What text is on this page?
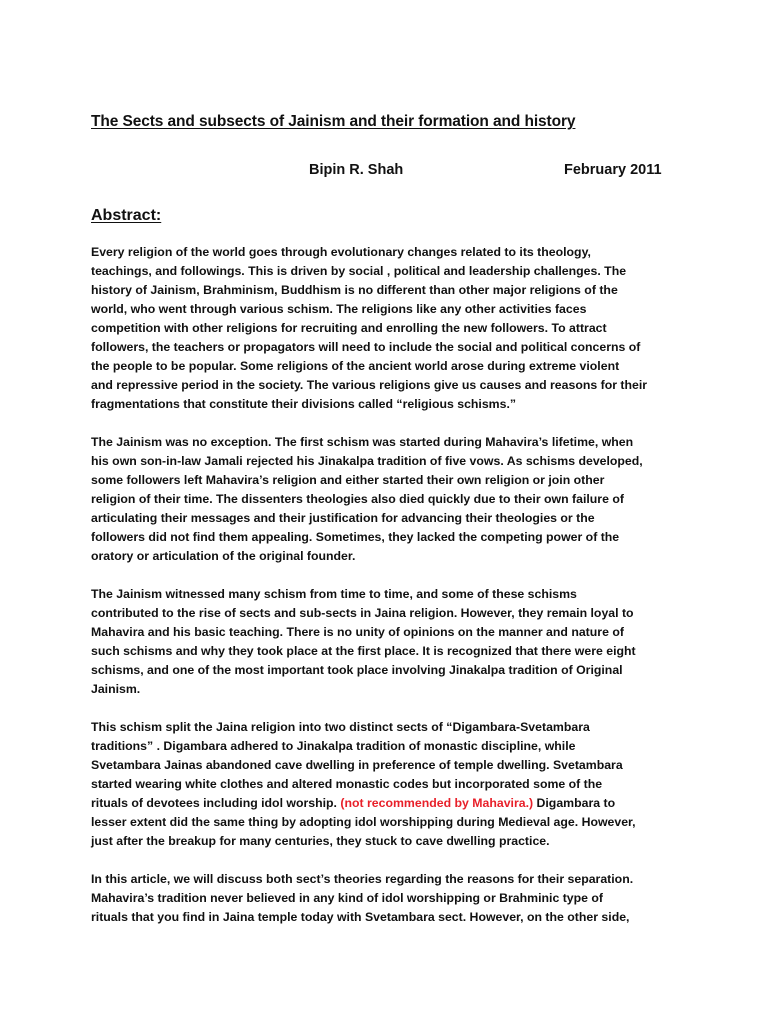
The Sects and subsects of Jainism and their formation and history
Bipin R. Shah	February 2011
Abstract:

Every religion of the world goes through evolutionary changes related to its theology,
teachings, and followings. This is driven by social , political and leadership challenges. The
history of Jainism, Brahminism, Buddhism is no different than other major religions of the
world, who went through various schism. The religions like any other activities faces
competition with other religions for recruiting and enrolling the new followers. To attract
followers, the teachers or propagators will need to include the social and political concerns of
the people to be popular. Some religions of the ancient world arose during extreme violent
and repressive period in the society. The various religions give us causes and reasons for their
fragmentations that constitute their divisions called “religious schisms.”

The Jainism was no exception. The first schism was started during Mahavira’s lifetime, when
his own son-in-law Jamali rejected his Jinakalpa tradition of five vows. As schisms developed,
some followers left Mahavira’s religion and either started their own religion or join other
religion of their time. The dissenters theologies also died quickly due to their own failure of
articulating their messages and their justification for advancing their theologies or the
followers did not find them appealing. Sometimes, they lacked the competing power of the
oratory or articulation of the original founder.

The Jainism witnessed many schism from time to time, and some of these schisms
contributed to the rise of sects and sub-sects in Jaina religion. However, they remain loyal to
Mahavira and his basic teaching. There is no unity of opinions on the manner and nature of
such schisms and why they took place at the first place. It is recognized that there were eight
schisms, and one of the most important took place involving Jinakalpa tradition of Original
Jainism.

This schism split the Jaina religion into two distinct sects of “Digambara-Svetambara
traditions” . Digambara adhered to Jinakalpa tradition of monastic discipline, while
Svetambara Jainas abandoned cave dwelling in preference of temple dwelling. Svetambara
started wearing white clothes and altered monastic codes but incorporated some of the
rituals of devotees including idol worship. (not recommended by Mahavira.) Digambara to
lesser extent did the same thing by adopting idol worshipping during Medieval age. However,
just after the breakup for many centuries, they stuck to cave dwelling practice.

In this article, we will discuss both sect’s theories regarding the reasons for their separation.
Mahavira’s tradition never believed in any kind of idol worshipping or Brahminic type of
rituals that you find in Jaina temple today with Svetambara sect. However, on the other side,
